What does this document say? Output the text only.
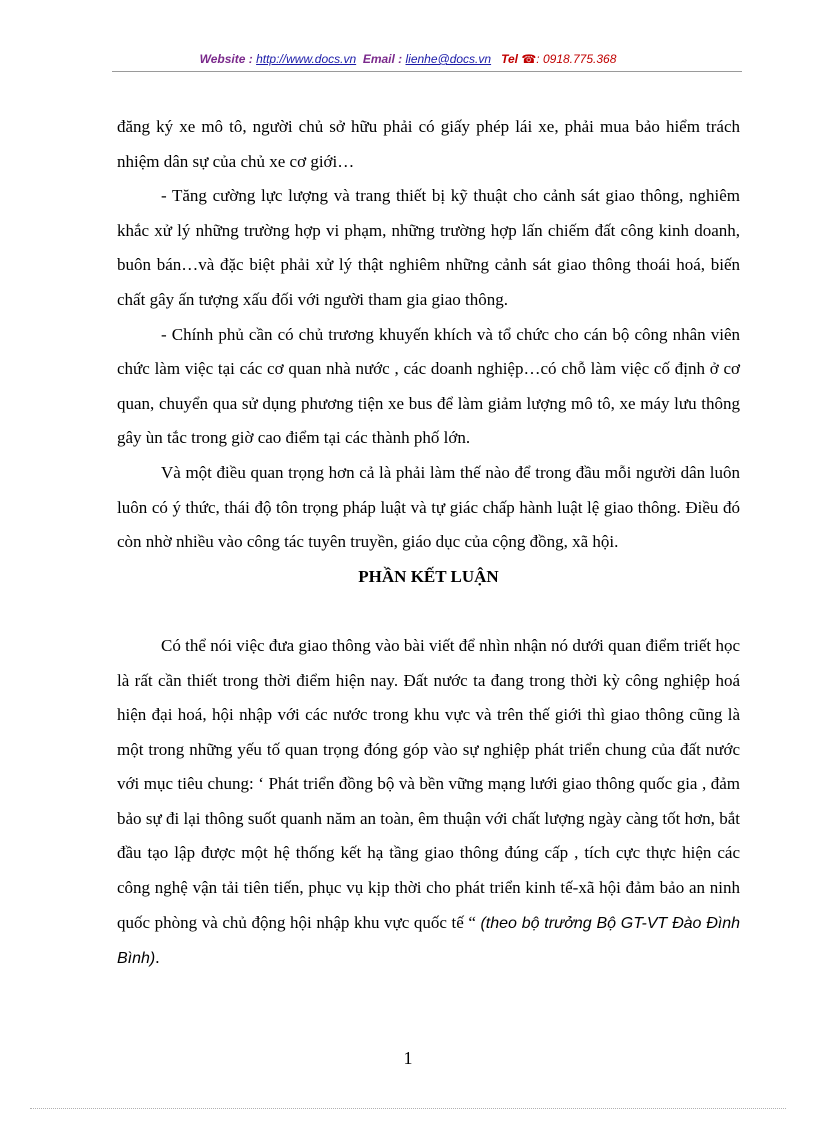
Website : http://www.docs.vn Email : lienhe@docs.vn Tel ☎: 0918.775.368

đăng ký xe mô tô, người chủ sở hữu phải có giấy phép lái xe, phải mua bảo hiểm trách nhiệm dân sự của chủ xe cơ giới…

- Tăng cường lực lượng và trang thiết bị kỹ thuật cho cảnh sát giao thông, nghiêm khắc xử lý những trường hợp vi phạm, những trường hợp lấn chiếm đất công kinh doanh, buôn bán…và đặc biệt phải xử lý thật nghiêm những cảnh sát giao thông thoái hoá, biến chất gây ấn tượng xấu đối với người tham gia giao thông.

- Chính phủ cần có chủ trương khuyến khích và tổ chức cho cán bộ công nhân viên chức làm việc tại các cơ quan nhà nước , các doanh nghiệp…có chỗ làm việc cố định ở cơ quan, chuyển qua sử dụng phương tiện xe bus để làm giảm lượng mô tô, xe máy lưu thông gây ùn tắc trong giờ cao điểm tại các thành phố lớn.

Và một điều quan trọng hơn cả là phải làm thế nào để trong đầu mỗi người dân luôn luôn có ý thức, thái độ tôn trọng pháp luật và tự giác chấp hành luật lệ giao thông. Điều đó còn nhờ nhiều vào công tác tuyên truyền, giáo dục của cộng đồng, xã hội.

PHẦN KẾT LUẬN

Có thể nói việc đưa giao thông vào bài viết để nhìn nhận nó dưới quan điểm triết học là rất cần thiết trong thời điểm hiện nay. Đất nước ta đang trong thời kỳ công nghiệp hoá hiện đại hoá, hội nhập với các nước trong khu vực và trên thế giới thì giao thông cũng là một trong những yếu tố quan trọng đóng góp vào sự nghiệp phát triển chung của đất nước với mục tiêu chung: ‘ Phát triển đồng bộ và bền vững mạng lưới giao thông quốc gia , đảm bảo sự đi lại thông suốt quanh năm an toàn, êm thuận với chất lượng ngày càng tốt hơn, bắt đầu tạo lập được một hệ thống kết hạ tầng giao thông đúng cấp , tích cực thực hiện các công nghệ vận tải tiên tiến, phục vụ kịp thời cho phát triển kinh tế-xã hội đảm bảo an ninh quốc phòng và chủ động hội nhập khu vực quốc tế “ (theo bộ trưởng Bộ GT-VT Đào Đình Bình).

1
